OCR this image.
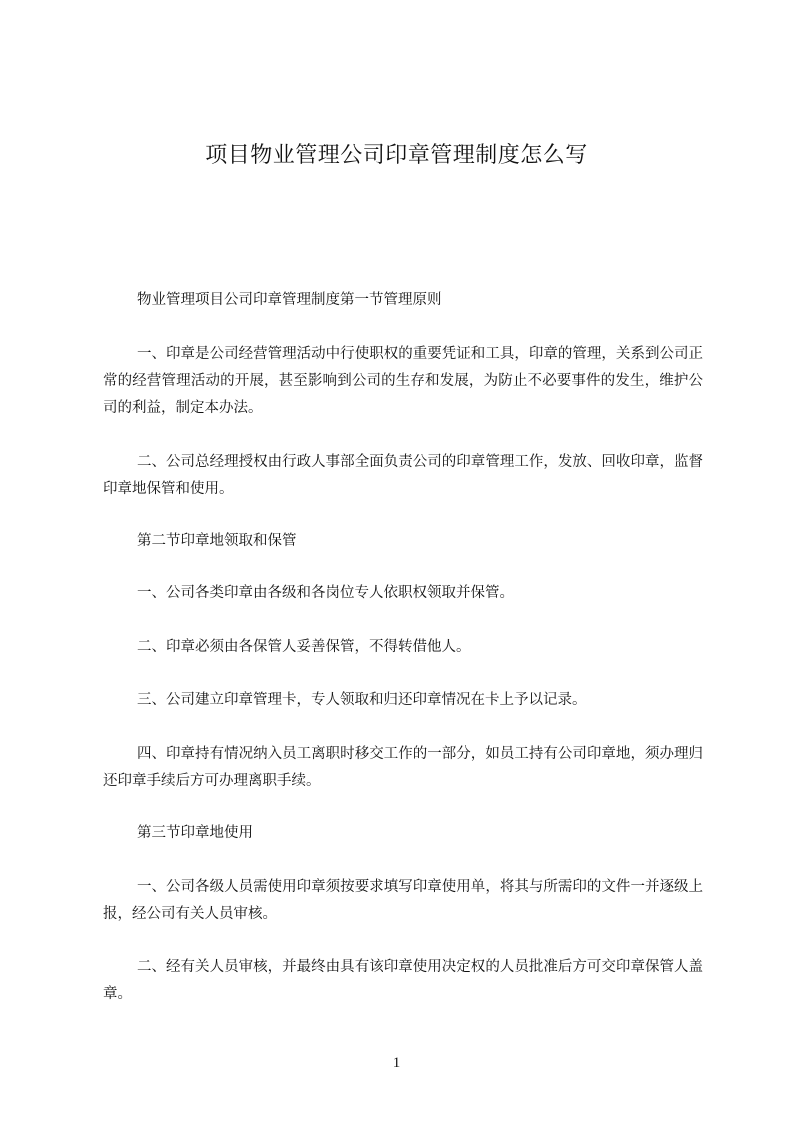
项目物业管理公司印章管理制度怎么写
物业管理项目公司印章管理制度第一节管理原则
一、印章是公司经营管理活动中行使职权的重要凭证和工具，印章的管理，关系到公司正常的经营管理活动的开展，甚至影响到公司的生存和发展，为防止不必要事件的发生，维护公司的利益，制定本办法。
二、公司总经理授权由行政人事部全面负责公司的印章管理工作，发放、回收印章，监督印章地保管和使用。
第二节印章地领取和保管
一、公司各类印章由各级和各岗位专人依职权领取并保管。
二、印章必须由各保管人妥善保管，不得转借他人。
三、公司建立印章管理卡，专人领取和归还印章情况在卡上予以记录。
四、印章持有情况纳入员工离职时移交工作的一部分，如员工持有公司印章地，须办理归还印章手续后方可办理离职手续。
第三节印章地使用
一、公司各级人员需使用印章须按要求填写印章使用单，将其与所需印的文件一并逐级上报，经公司有关人员审核。
二、经有关人员审核，并最终由具有该印章使用决定权的人员批准后方可交印章保管人盖章。
1
